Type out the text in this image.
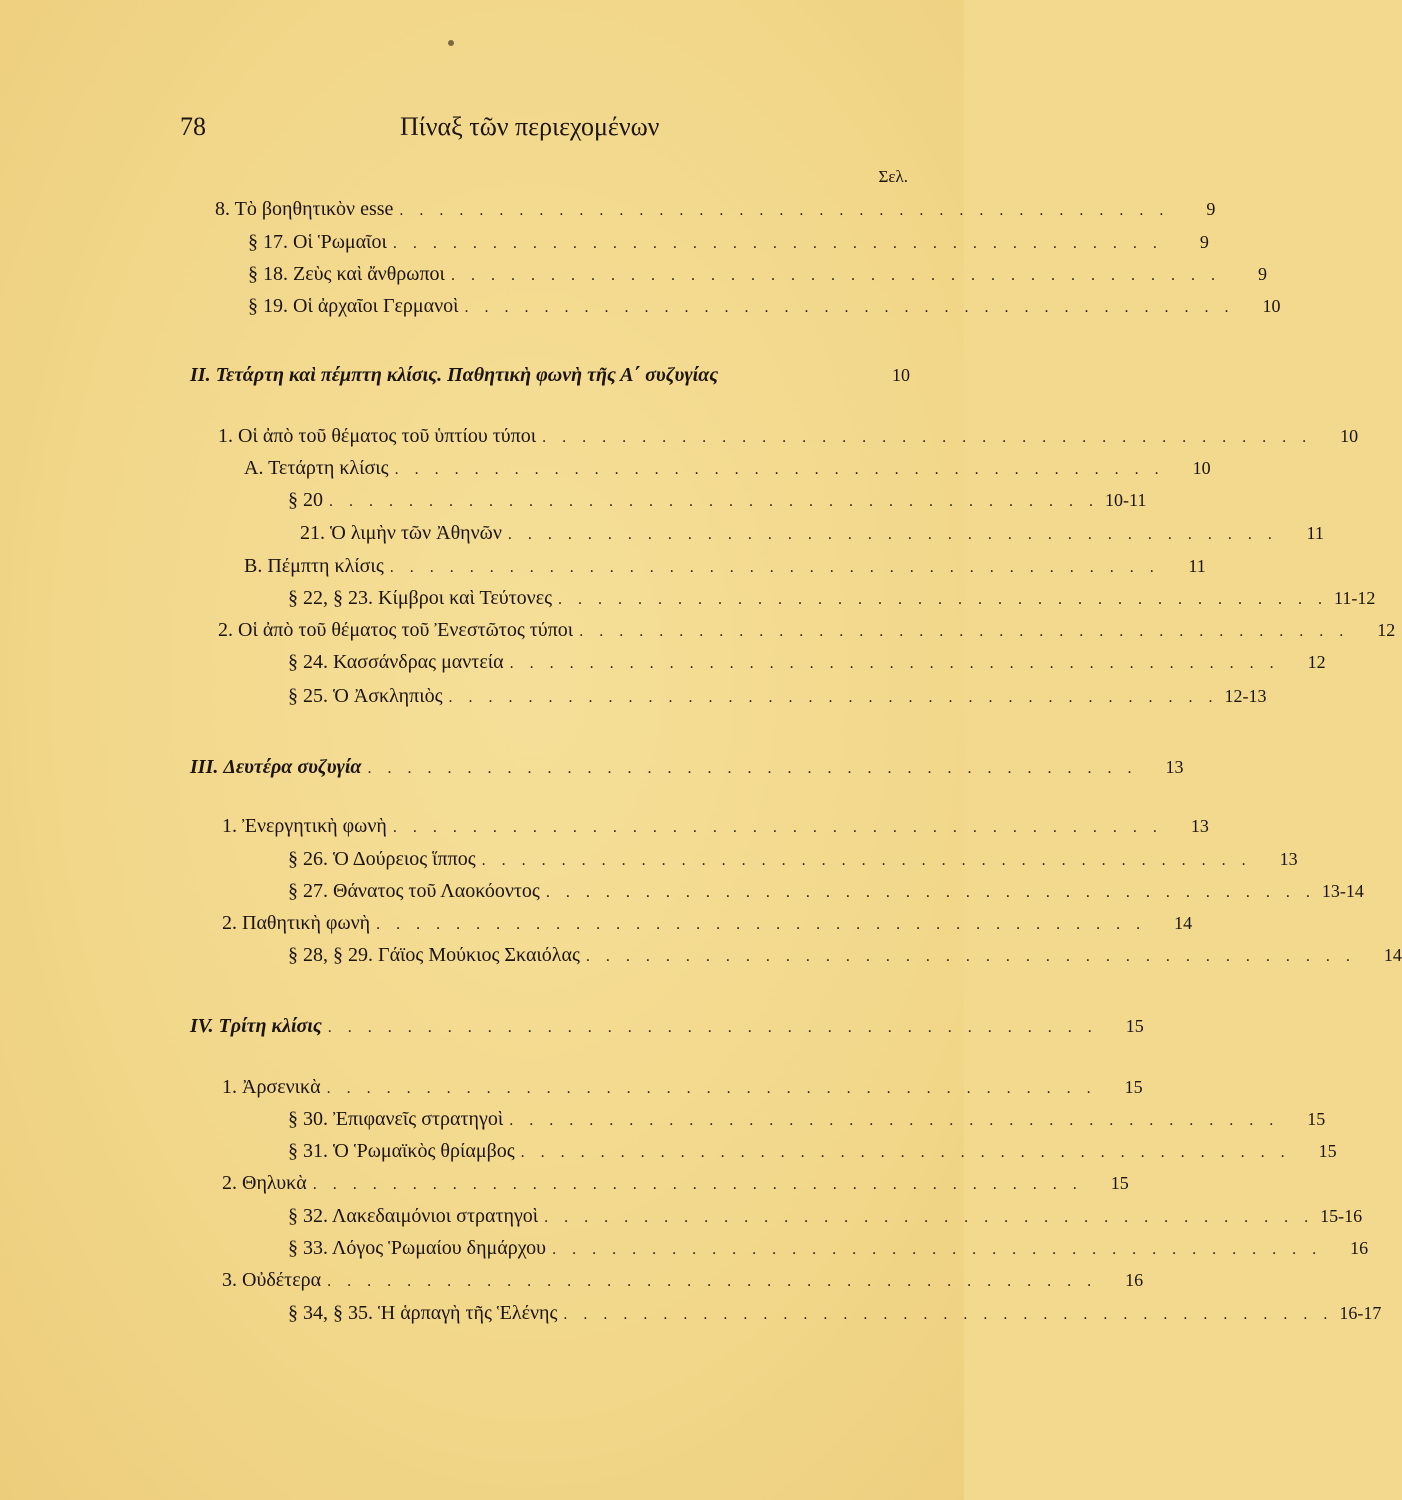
78	Πίναξ τῶν περιεχομένων
Σελ.
8. Τὸ βοηθητικὸν esse . . . . . . . . . . . . . . . . . . . . . . . . . . . . . . . . . . . . . . .	9
§ 17. Οἱ Ῥωμαῖοι . . . . . . . . . . . . . . . . . . . . . . . . . . . . . . . . . . . . . . .	9
§ 18. Ζεὺς καὶ ἄνθρωποι . . . . . . . . . . . . . . . . . . . . . . . . . . . . . . . . . . . . . . .	9
§ 19. Οἱ ἀρχαῖοι Γερμανοὶ . . . . . . . . . . . . . . . . . . . . . . . . . . . . . . . . . . . . . . .	10
II. Τετάρτη καὶ πέμπτη κλίσις. Παθητικὴ φωνὴ τῆς Α΄ συζυγίας	10
1. Οἱ ἀπὸ τοῦ θέματος τοῦ ὑπτίου τύποι . . . . . . . . . . . . . . . . . . . . . . . . . . . . . . . . . . . . . . .	10
Α. Τετάρτη κλίσις . . . . . . . . . . . . . . . . . . . . . . . . . . . . . . . . . . . . . . .	10
§ 20 . . . . . . . . . . . . . . . . . . . . . . . . . . . . . . . . . . . . . . . 10-11
21. Ὁ λιμὴν τῶν Ἀθηνῶν . . . . . . . . . . . . . . . . . . . . . . . . . . . . . . . . . . . . . . .	11
Β. Πέμπτη κλίσις . . . . . . . . . . . . . . . . . . . . . . . . . . . . . . . . . . . . . . .	11
§ 22, § 23. Κίμβροι καὶ Τεύτονες . . . . . . . . . . . . . . . . . . . . . . . . . . . . . . . . . . . . . . . 11-12
2. Οἱ ἀπὸ τοῦ θέματος τοῦ Ἐνεστῶτος τύποι . . . . . . . . . . . . . . . . . . . . . . . . . . . . . . . . . . . . . . .	12
§ 24. Κασσάνδρας μαντεία . . . . . . . . . . . . . . . . . . . . . . . . . . . . . . . . . . . . . . .	12
§ 25. Ὁ Ἀσκληπιὸς . . . . . . . . . . . . . . . . . . . . . . . . . . . . . . . . . . . . . . . 12-13
III. Δευτέρα συζυγία . . . . . . . . . . . . . . . . . . . . . . . . . . . . . . . . . . . . . . .	13
1. Ἐνεργητικὴ φωνὴ . . . . . . . . . . . . . . . . . . . . . . . . . . . . . . . . . . . . . . .	13
§ 26. Ὁ Δούρειος ἵππος . . . . . . . . . . . . . . . . . . . . . . . . . . . . . . . . . . . . . . .	13
§ 27. Θάνατος τοῦ Λαοκόοντος . . . . . . . . . . . . . . . . . . . . . . . . . . . . . . . . . . . . . . . 13-14
2. Παθητικὴ φωνὴ . . . . . . . . . . . . . . . . . . . . . . . . . . . . . . . . . . . . . . .	14
§ 28, § 29. Γάϊος Μούκιος Σκαιόλας . . . . . . . . . . . . . . . . . . . . . . . . . . . . . . . . . . . . . . .	14
IV. Τρίτη κλίσις . . . . . . . . . . . . . . . . . . . . . . . . . . . . . . . . . . . . . . .	15
1. Ἀρσενικὰ . . . . . . . . . . . . . . . . . . . . . . . . . . . . . . . . . . . . . . .	15
§ 30. Ἐπιφανεῖς στρατηγοὶ . . . . . . . . . . . . . . . . . . . . . . . . . . . . . . . . . . . . . . .	15
§ 31. Ὁ Ῥωμαϊκὸς θρίαμβος . . . . . . . . . . . . . . . . . . . . . . . . . . . . . . . . . . . . . . .	15
2. Θηλυκὰ . . . . . . . . . . . . . . . . . . . . . . . . . . . . . . . . . . . . . . .	15
§ 32. Λακεδαιμόνιοι στρατηγοὶ . . . . . . . . . . . . . . . . . . . . . . . . . . . . . . . . . . . . . . . 15-16
§ 33. Λόγος Ῥωμαίου δημάρχου . . . . . . . . . . . . . . . . . . . . . . . . . . . . . . . . . . . . . . .	16
3. Οὐδέτερα . . . . . . . . . . . . . . . . . . . . . . . . . . . . . . . . . . . . . . .	16
§ 34, § 35. Ἡ ἁρπαγὴ τῆς Ἑλένης . . . . . . . . . . . . . . . . . . . . . . . . . . . . . . . . . . . . . . . 16-17
